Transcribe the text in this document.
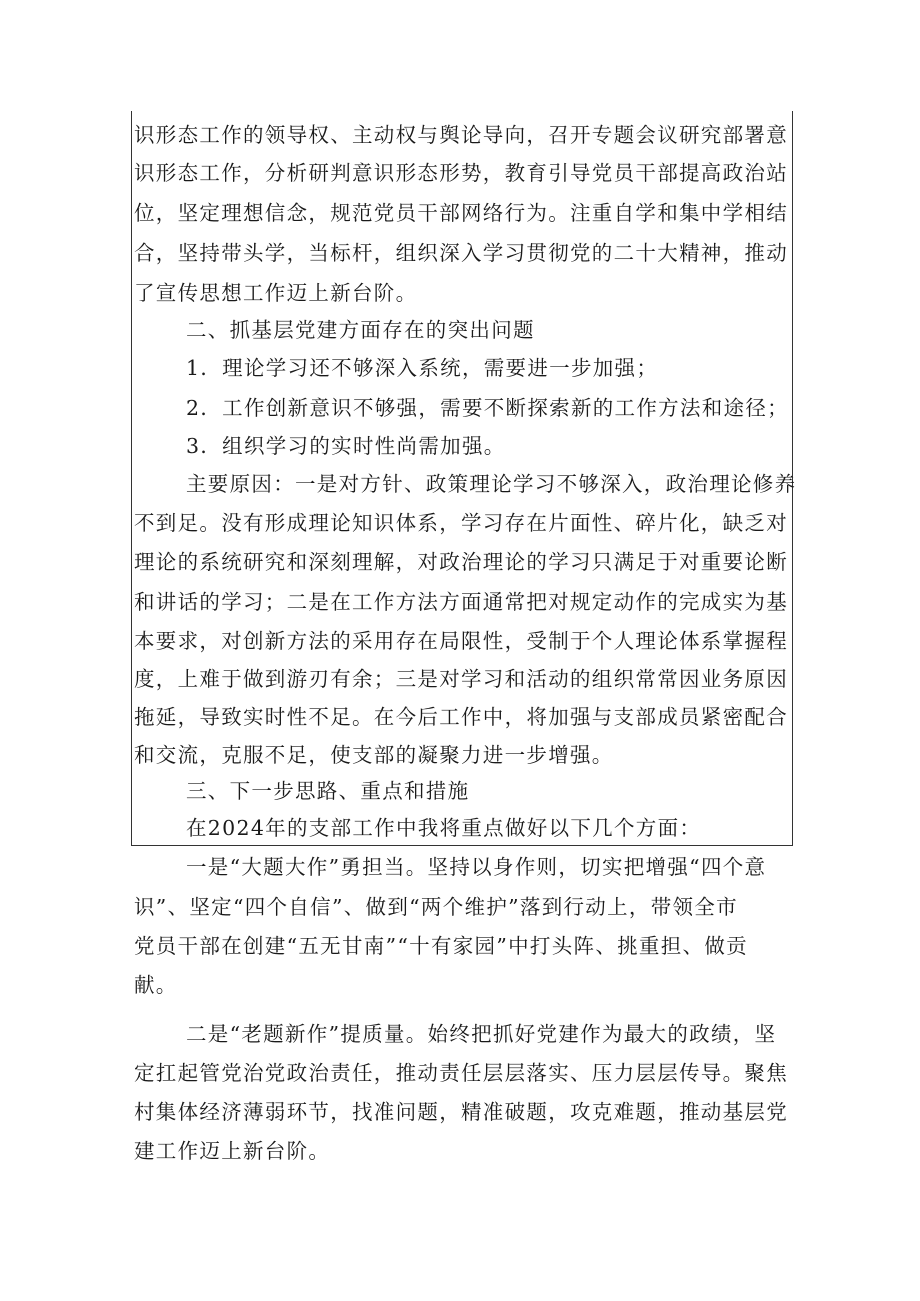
识形态工作的领导权、主动权与舆论导向，召开专题会议研究部署意
识形态工作，分析研判意识形态形势，教育引导党员干部提高政治站
位，坚定理想信念，规范党员干部网络行为。注重自学和集中学相结
合，坚持带头学，当标杆，组织深入学习贯彻党的二十大精神，推动
了宣传思想工作迈上新台阶。
二、抓基层党建方面存在的突出问题
1．理论学习还不够深入系统，需要进一步加强；
2．工作创新意识不够强，需要不断探索新的工作方法和途径；
3．组织学习的实时性尚需加强。
主要原因：一是对方针、政策理论学习不够深入，政治理论修养
不到足。没有形成理论知识体系，学习存在片面性、碎片化，缺乏对
理论的系统研究和深刻理解，对政治理论的学习只满足于对重要论断
和讲话的学习；二是在工作方法方面通常把对规定动作的完成实为基
本要求，对创新方法的采用存在局限性，受制于个人理论体系掌握程
度，上难于做到游刃有余；三是对学习和活动的组织常常因业务原因
拖延，导致实时性不足。在今后工作中，将加强与支部成员紧密配合
和交流，克服不足，使支部的凝聚力进一步增强。
三、下一步思路、重点和措施
在2024年的支部工作中我将重点做好以下几个方面：
一是“大题大作”勇担当。坚持以身作则，切实把增强“四个意
识”、坚定“四个自信”、做到“两个维护”落到行动上，带领全市
党员干部在创建“五无甘南”“十有家园”中打头阵、挑重担、做贡
献。
二是“老题新作”提质量。始终把抓好党建作为最大的政绩，坚
定扛起管党治党政治责任，推动责任层层落实、压力层层传导。聚焦
村集体经济薄弱环节，找准问题，精准破题，攻克难题，推动基层党
建工作迈上新台阶。
